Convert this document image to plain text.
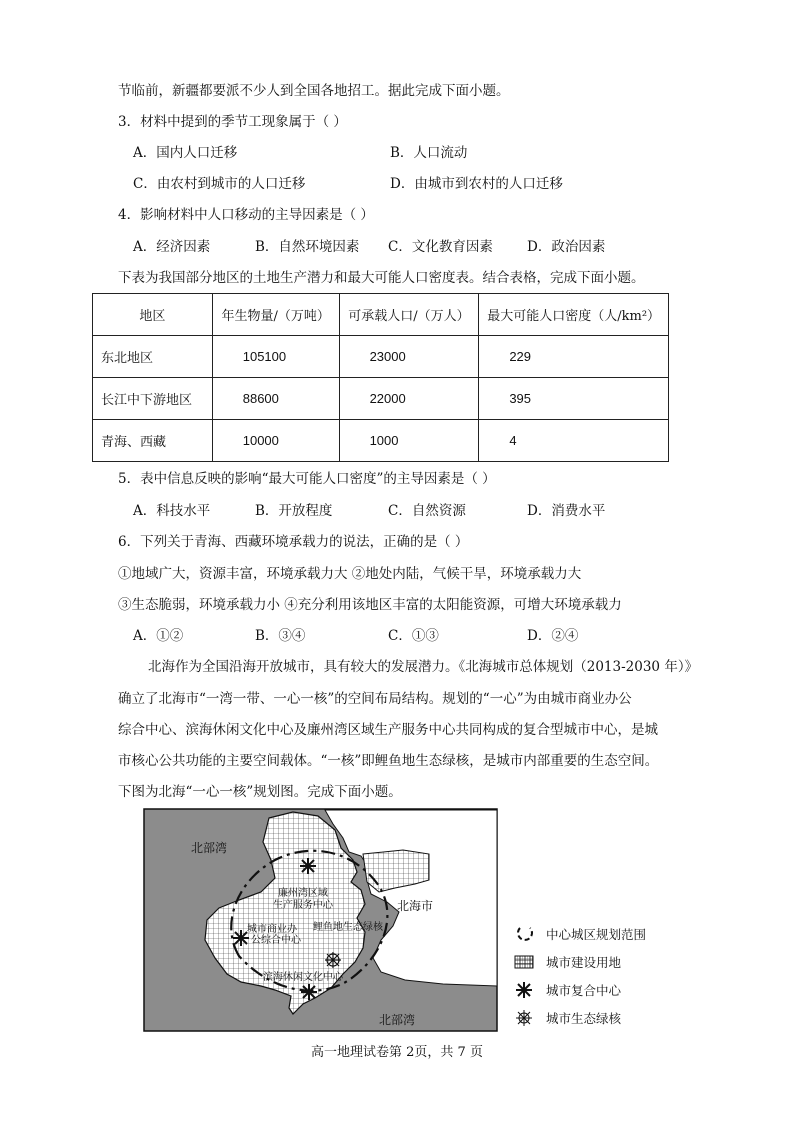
节临前，新疆都要派不少人到全国各地招工。据此完成下面小题。
3．材料中提到的季节工现象属于（ ）
A．国内人口迁移	B．人口流动
C．由农村到城市的人口迁移	D．由城市到农村的人口迁移
4．影响材料中人口移动的主导因素是（ ）
A．经济因素	B．自然环境因素 C．文化教育因素	D．政治因素
下表为我国部分地区的土地生产潜力和最大可能人口密度表。结合表格，完成下面小题。
地区	年生物量/（万吨）	可承载人口/（万人）	最大可能人口密度（人/km²）
东北地区	105100	23000	229
长江中下游地区	88600	22000	395
青海、西藏	10000	1000	4
5．表中信息反映的影响“最大可能人口密度”的主导因素是（ ）
A．科技水平	B．开放程度	C．自然资源	D．消费水平
6．下列关于青海、西藏环境承载力的说法，正确的是（ ）
①地域广大，资源丰富，环境承载力大 ②地处内陆，气候干旱，环境承载力大
③生态脆弱，环境承载力小 ④充分利用该地区丰富的太阳能资源，可增大环境承载力
A．①②	B．③④	C．①③	D．②④
北海作为全国沿海开放城市，具有较大的发展潜力。《北海城市总体规划（2013-2030 年）》
确立了北海市“一湾一带、一心一核”的空间布局结构。规划的“一心”为由城市商业办公
综合中心、滨海休闲文化中心及廉州湾区域生产服务中心共同构成的复合型城市中心，是城
市核心公共功能的主要空间载体。“一核”即鲤鱼地生态绿核，是城市内部重要的生态空间。
下图为北海“一心一核”规划图。完成下面小题。
北部湾
北海市
廉州湾区域
生产服务中心
鲤鱼地生态绿核
城市商业办
公综合中心
滨海休闲文化中心
北部湾
中心城区规划范围
城市建设用地
城市复合中心
城市生态绿核
高一地理试卷第 2页，共 7 页
